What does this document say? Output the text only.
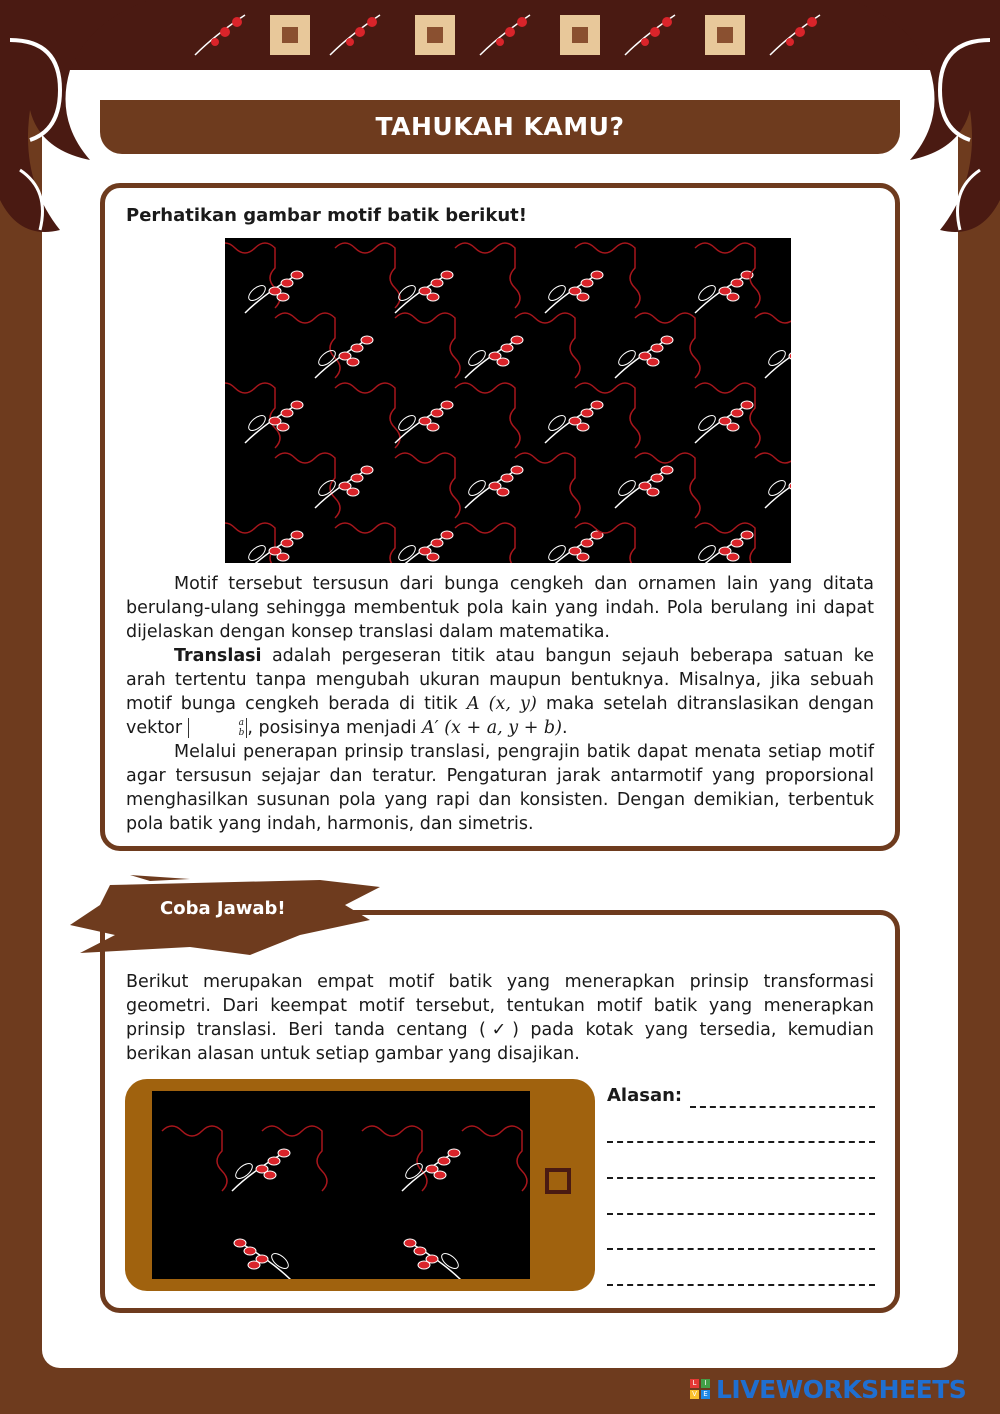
TAHUKAH KAMU?
Perhatikan gambar motif batik berikut!

Motif tersebut tersusun dari bunga cengkeh dan ornamen lain yang ditata berulang-ulang sehingga membentuk pola kain yang indah. Pola berulang ini dapat dijelaskan dengan konsep translasi dalam matematika.

Translasi adalah pergeseran titik atau bangun sejauh beberapa satuan ke arah tertentu tanpa mengubah ukuran maupun bentuknya. Misalnya, jika sebuah motif bunga cengkeh berada di titik A (x, y) maka setelah ditranslasikan dengan vektor	a
b , posisinya menjadi A′ (x + a, y + b).

Melalui penerapan prinsip translasi, pengrajin batik dapat menata setiap motif agar tersusun sejajar dan teratur. Pengaturan jarak antarmotif yang proporsional menghasilkan susunan pola yang rapi dan konsisten. Dengan demikian, terbentuk pola batik yang indah, harmonis, dan simetris.

Coba Jawab!

Berikut merupakan empat motif batik yang menerapkan prinsip transformasi geometri. Dari keempat motif tersebut, tentukan motif batik yang menerapkan prinsip translasi. Beri tanda centang (✓) pada kotak yang tersedia, kemudian berikan alasan untuk setiap gambar yang disajikan.

Alasan:
L	I
V E LIVEWORKSHEETS
